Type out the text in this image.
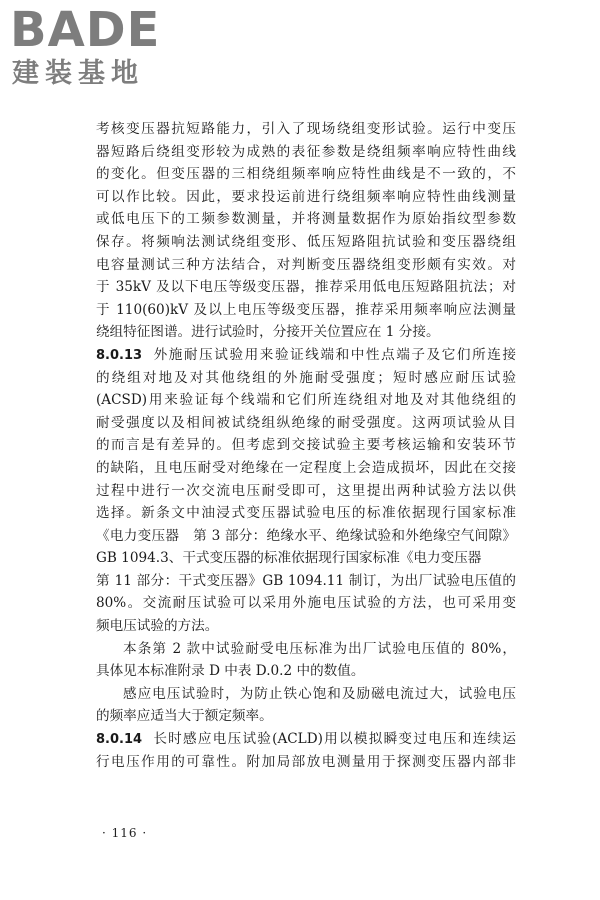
BADE
建装基地
考核变压器抗短路能力，引入了现场绕组变形试验。运行中变压
器短路后绕组变形较为成熟的表征参数是绕组频率响应特性曲线
的变化。但变压器的三相绕组频率响应特性曲线是不一致的，不
可以作比较。因此，要求投运前进行绕组频率响应特性曲线测量
或低电压下的工频参数测量，并将测量数据作为原始指纹型参数
保存。将频响法测试绕组变形、低压短路阻抗试验和变压器绕组
电容量测试三种方法结合，对判断变压器绕组变形颇有实效。对
于 35kV 及以下电压等级变压器，推荐采用低电压短路阻抗法；对
于 110(60)kV 及以上电压等级变压器，推荐采用频率响应法测量
绕组特征图谱。进行试验时，分接开关位置应在 1 分接。
8.0.13 外施耐压试验用来验证线端和中性点端子及它们所连接
的绕组对地及对其他绕组的外施耐受强度；短时感应耐压试验
(ACSD)用来验证每个线端和它们所连绕组对地及对其他绕组的
耐受强度以及相间被试绕组纵绝缘的耐受强度。这两项试验从目
的而言是有差异的。但考虑到交接试验主要考核运输和安装环节
的缺陷，且电压耐受对绝缘在一定程度上会造成损坏，因此在交接
过程中进行一次交流电压耐受即可，这里提出两种试验方法以供
选择。新条文中油浸式变压器试验电压的标准依据现行国家标准
《电力变压器　第 3 部分：绝缘水平、绝缘试验和外绝缘空气间隙》
GB 1094.3、干式变压器的标准依据现行国家标准《电力变压器
第 11 部分：干式变压器》GB 1094.11 制订，为出厂试验电压值的
80%。交流耐压试验可以采用外施电压试验的方法，也可采用变
频电压试验的方法。
本条第 2 款中试验耐受电压标准为出厂试验电压值的 80%，
具体见本标准附录 D 中表 D.0.2 中的数值。
感应电压试验时，为防止铁心饱和及励磁电流过大，试验电压
的频率应适当大于额定频率。
8.0.14 长时感应电压试验(ACLD)用以模拟瞬变过电压和连续运
行电压作用的可靠性。附加局部放电测量用于探测变压器内部非
· 116 ·
